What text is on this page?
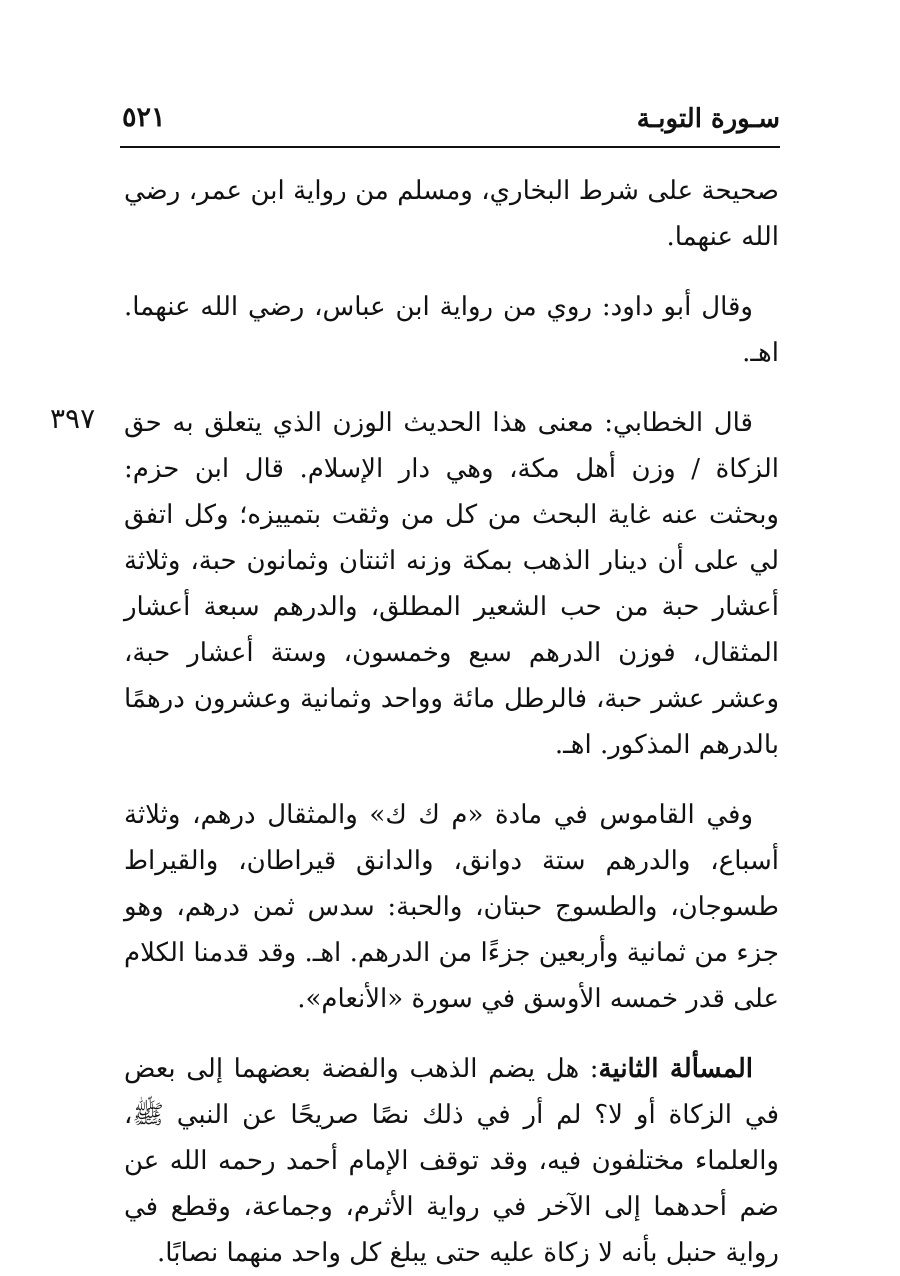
سـورة التوبـة
٥٢١
٣٩٧

صحيحة على شرط البخاري، ومسلم من رواية ابن عمر، رضي الله عنهما.

وقال أبو داود: روي من رواية ابن عباس، رضي الله عنهما. اهـ.

قال الخطابي: معنى هذا الحديث الوزن الذي يتعلق به حق الزكاة / وزن أهل مكة، وهي دار الإسلام. قال ابن حزم: وبحثت عنه غاية البحث من كل من وثقت بتمييزه؛ وكل اتفق لي على أن دينار الذهب بمكة وزنه اثنتان وثمانون حبة، وثلاثة أعشار حبة من حب الشعير المطلق، والدرهم سبعة أعشار المثقال، فوزن الدرهم سبع وخمسون، وستة أعشار حبة، وعشر عشر حبة، فالرطل مائة وواحد وثمانية وعشرون درهمًا بالدرهم المذكور. اهـ.

وفي القاموس في مادة «م ك ك» والمثقال درهم، وثلاثة أسباع، والدرهم ستة دوانق، والدانق قيراطان، والقيراط طسوجان، والطسوج حبتان، والحبة: سدس ثمن درهم، وهو جزء من ثمانية وأربعين جزءًا من الدرهم. اهـ. وقد قدمنا الكلام على قدر خمسه الأوسق في سورة «الأنعام».

المسألة الثانية: هل يضم الذهب والفضة بعضهما إلى بعض في الزكاة أو لا؟ لم أر في ذلك نصًا صريحًا عن النبي ﷺ، والعلماء مختلفون فيه، وقد توقف الإمام أحمد رحمه الله عن ضم أحدهما إلى الآخر في رواية الأثرم، وجماعة، وقطع في رواية حنبل بأنه لا زكاة عليه حتى يبلغ كل واحد منهما نصابًا.
